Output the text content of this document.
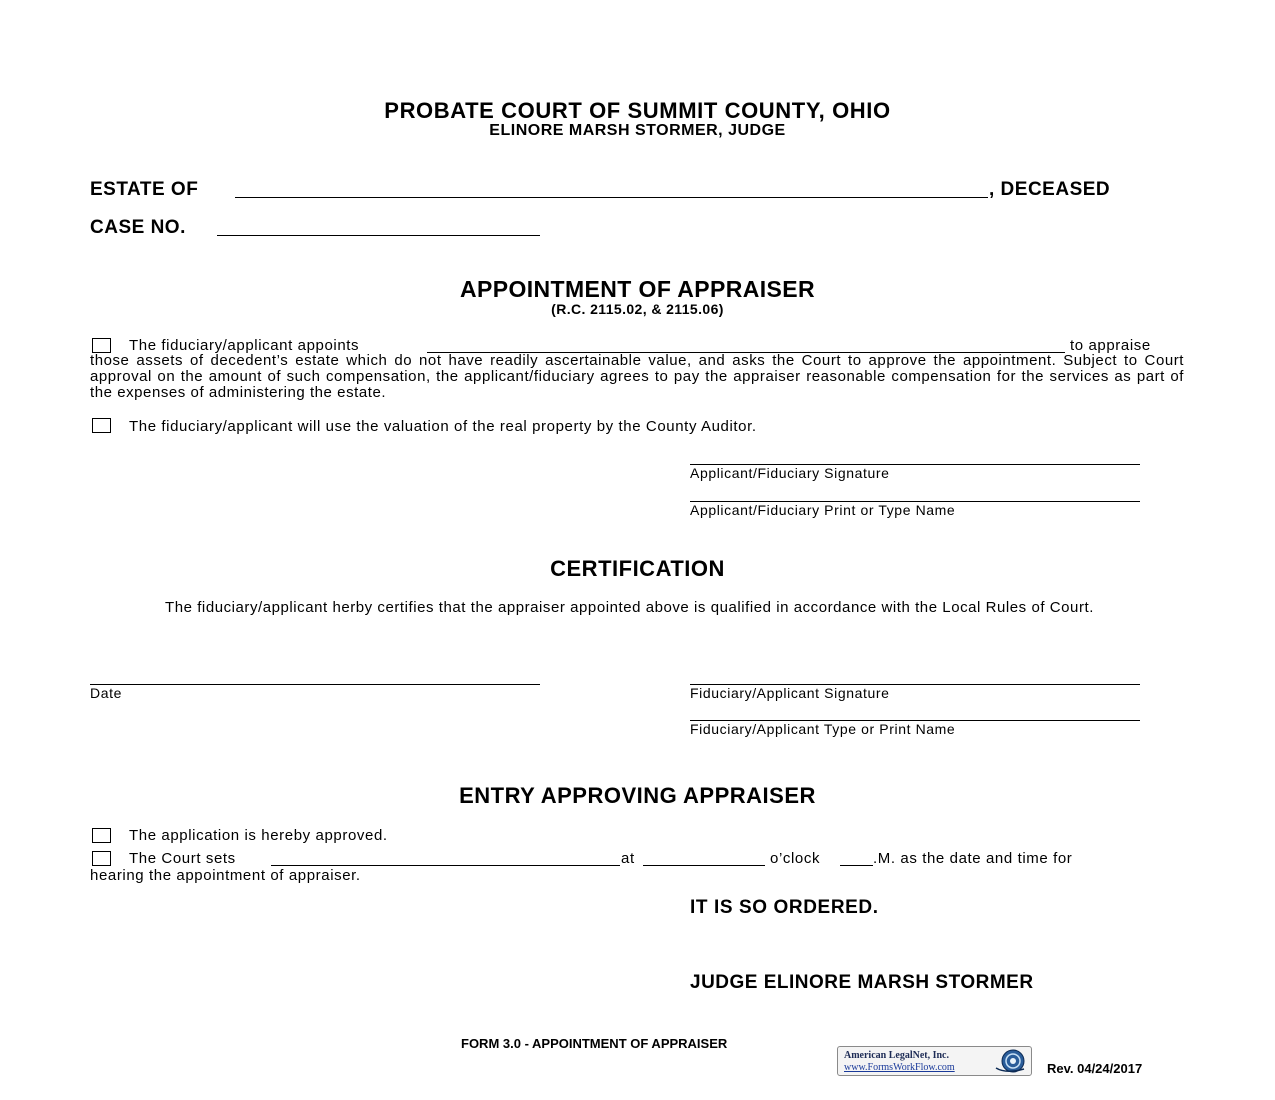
PROBATE COURT OF SUMMIT COUNTY, OHIO
ELINORE MARSH STORMER, JUDGE
ESTATE OF	, DECEASED
CASE NO.
APPOINTMENT OF APPRAISER
(R.C. 2115.02, & 2115.06)
The fiduciary/applicant appoints	to appraise
those assets of decedent’s estate which do not have readily ascertainable value, and asks the Court to approve the appointment. Subject to Court approval on the amount of such compensation, the applicant/fiduciary agrees to pay the appraiser reasonable compensation for the services as part of the expenses of administering the estate.
The fiduciary/applicant will use the valuation of the real property by the County Auditor.
Applicant/Fiduciary Signature
Applicant/Fiduciary Print or Type Name
CERTIFICATION
The fiduciary/applicant herby certifies that the appraiser appointed above is qualified in accordance with the Local Rules of Court.
Date	Fiduciary/Applicant Signature
Fiduciary/Applicant Type or Print Name
ENTRY APPROVING APPRAISER
The application is hereby approved.
The Court sets	at	o’clock	.M. as the date and time for
hearing the appointment of appraiser.
IT IS SO ORDERED.
JUDGE ELINORE MARSH STORMER
FORM 3.0 - APPOINTMENT OF APPRAISER
American LegalNet, Inc.
www.FormsWorkFlow.com	Rev. 04/24/2017
